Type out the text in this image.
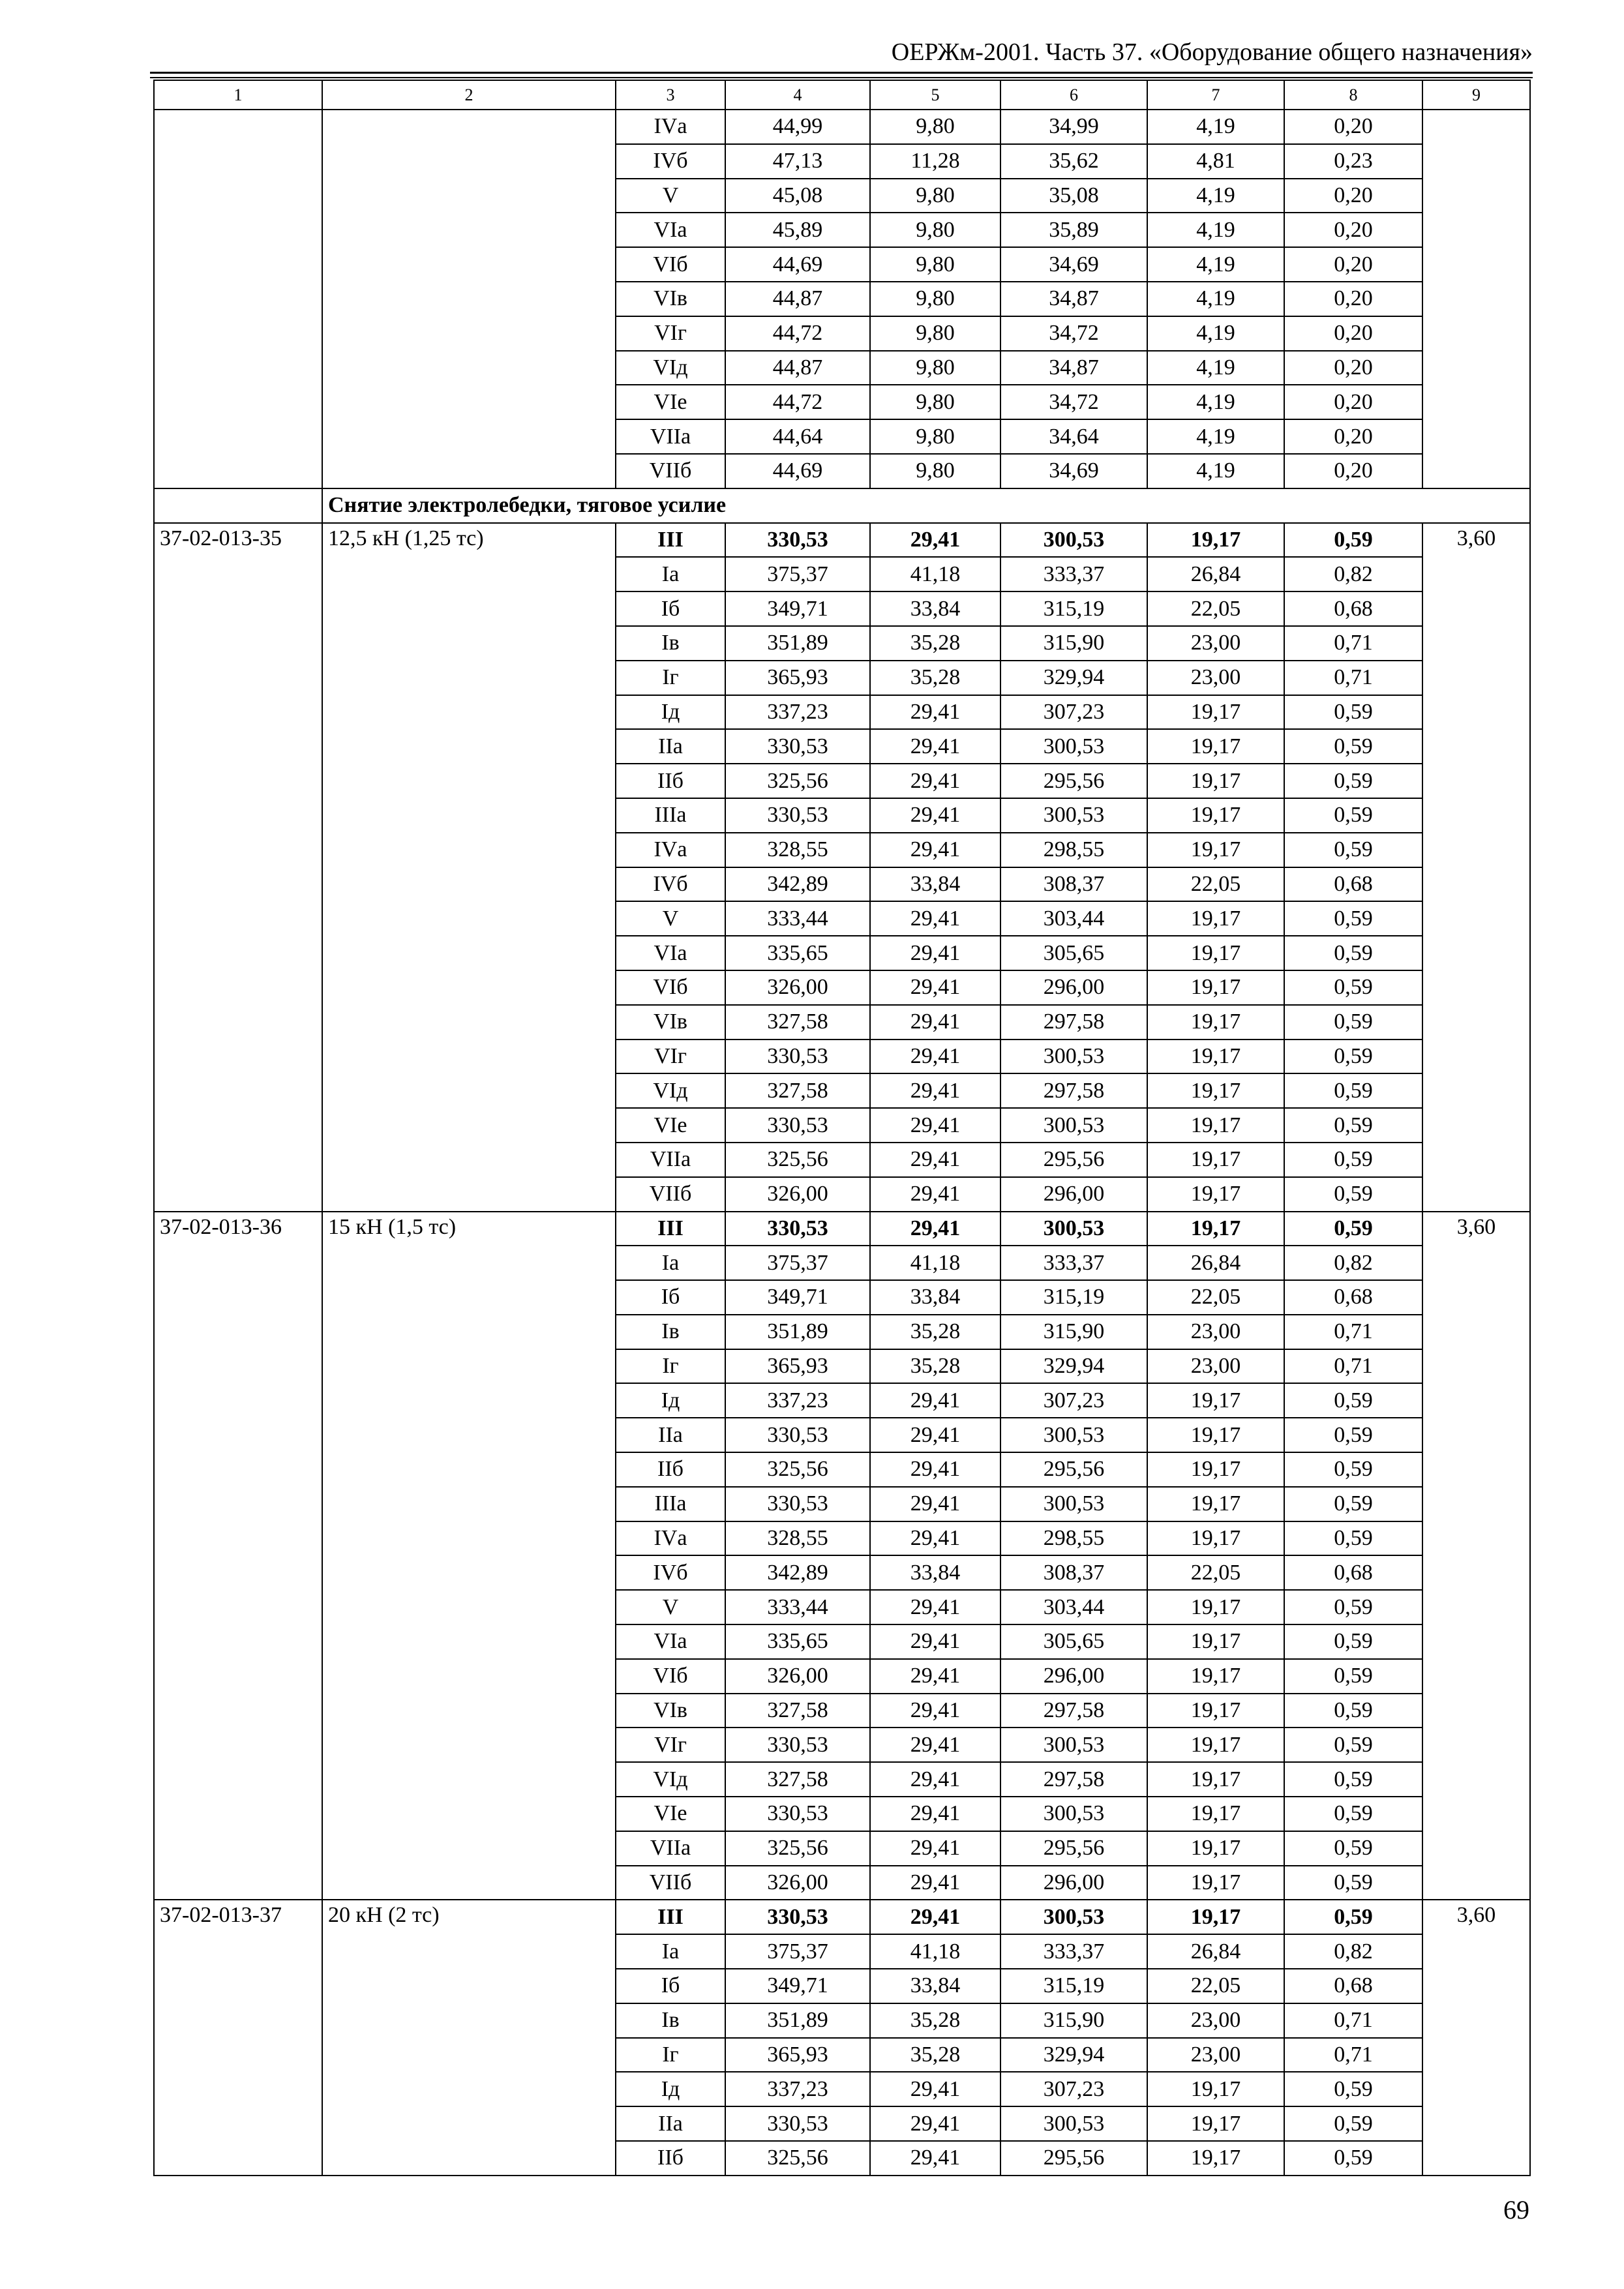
ОЕРЖм-2001. Часть 37. «Оборудование общего назначения»
1	2	3	4	5	6	7	8	9
		IVа	44,99	9,80	34,99	4,19	0,20	
		IVб	47,13	11,28	35,62	4,81	0,23	
		V	45,08	9,80	35,08	4,19	0,20	
		VIа	45,89	9,80	35,89	4,19	0,20	
		VIб	44,69	9,80	34,69	4,19	0,20	
		VIв	44,87	9,80	34,87	4,19	0,20	
		VIг	44,72	9,80	34,72	4,19	0,20	
		VIд	44,87	9,80	34,87	4,19	0,20	
		VIе	44,72	9,80	34,72	4,19	0,20	
		VIIа	44,64	9,80	34,64	4,19	0,20	
		VIIб	44,69	9,80	34,69	4,19	0,20	
	Снятие электролебедки, тяговое усилие							
37-02-013-35	12,5 кН (1,25 тс)	III	330,53	29,41	300,53	19,17	0,59	3,60
		Iа	375,37	41,18	333,37	26,84	0,82	
		Iб	349,71	33,84	315,19	22,05	0,68	
		Iв	351,89	35,28	315,90	23,00	0,71	
		Iг	365,93	35,28	329,94	23,00	0,71	
		Iд	337,23	29,41	307,23	19,17	0,59	
		IIа	330,53	29,41	300,53	19,17	0,59	
		IIб	325,56	29,41	295,56	19,17	0,59	
		IIIа	330,53	29,41	300,53	19,17	0,59	
		IVа	328,55	29,41	298,55	19,17	0,59	
		IVб	342,89	33,84	308,37	22,05	0,68	
		V	333,44	29,41	303,44	19,17	0,59	
		VIа	335,65	29,41	305,65	19,17	0,59	
		VIб	326,00	29,41	296,00	19,17	0,59	
		VIв	327,58	29,41	297,58	19,17	0,59	
		VIг	330,53	29,41	300,53	19,17	0,59	
		VIд	327,58	29,41	297,58	19,17	0,59	
		VIе	330,53	29,41	300,53	19,17	0,59	
		VIIа	325,56	29,41	295,56	19,17	0,59	
		VIIб	326,00	29,41	296,00	19,17	0,59	
37-02-013-36	15 кН (1,5 тс)	III	330,53	29,41	300,53	19,17	0,59	3,60
		Iа	375,37	41,18	333,37	26,84	0,82	
		Iб	349,71	33,84	315,19	22,05	0,68	
		Iв	351,89	35,28	315,90	23,00	0,71	
		Iг	365,93	35,28	329,94	23,00	0,71	
		Iд	337,23	29,41	307,23	19,17	0,59	
		IIа	330,53	29,41	300,53	19,17	0,59	
		IIб	325,56	29,41	295,56	19,17	0,59	
		IIIа	330,53	29,41	300,53	19,17	0,59	
		IVа	328,55	29,41	298,55	19,17	0,59	
		IVб	342,89	33,84	308,37	22,05	0,68	
		V	333,44	29,41	303,44	19,17	0,59	
		VIа	335,65	29,41	305,65	19,17	0,59	
		VIб	326,00	29,41	296,00	19,17	0,59	
		VIв	327,58	29,41	297,58	19,17	0,59	
		VIг	330,53	29,41	300,53	19,17	0,59	
		VIд	327,58	29,41	297,58	19,17	0,59	
		VIе	330,53	29,41	300,53	19,17	0,59	
		VIIа	325,56	29,41	295,56	19,17	0,59	
		VIIб	326,00	29,41	296,00	19,17	0,59	
37-02-013-37	20 кН (2 тс)	III	330,53	29,41	300,53	19,17	0,59	3,60
		Iа	375,37	41,18	333,37	26,84	0,82	
		Iб	349,71	33,84	315,19	22,05	0,68	
		Iв	351,89	35,28	315,90	23,00	0,71	
		Iг	365,93	35,28	329,94	23,00	0,71	
		Iд	337,23	29,41	307,23	19,17	0,59	
		IIа	330,53	29,41	300,53	19,17	0,59	
		IIб	325,56	29,41	295,56	19,17	0,59	
69
